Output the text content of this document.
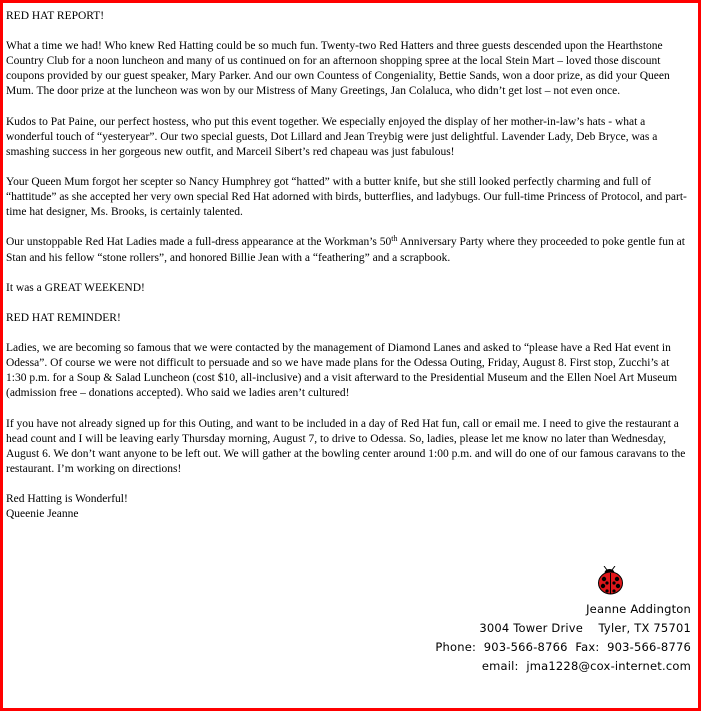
RED HAT REPORT!

What a time we had! Who knew Red Hatting could be so much fun. Twenty-two Red Hatters and three guests descended upon the Hearthstone Country Club for a noon luncheon and many of us continued on for an afternoon shopping spree at the local Stein Mart – loved those discount coupons provided by our guest speaker, Mary Parker. And our own Countess of Congeniality, Bettie Sands, won a door prize, as did your Queen Mum. The door prize at the luncheon was won by our Mistress of Many Greetings, Jan Colaluca, who didn’t get lost – not even once.

Kudos to Pat Paine, our perfect hostess, who put this event together. We especially enjoyed the display of her mother-in-law’s hats - what a wonderful touch of “yesteryear”. Our two special guests, Dot Lillard and Jean Treybig were just delightful. Lavender Lady, Deb Bryce, was a smashing success in her gorgeous new outfit, and Marceil Sibert’s red chapeau was just fabulous!

Your Queen Mum forgot her scepter so Nancy Humphrey got “hatted” with a butter knife, but she still looked perfectly charming and full of “hattitude” as she accepted her very own special Red Hat adorned with birds, butterflies, and ladybugs. Our full-time Princess of Protocol, and part-time hat designer, Ms. Brooks, is certainly talented.

Our unstoppable Red Hat Ladies made a full-dress appearance at the Workman’s 50th Anniversary Party where they proceeded to poke gentle fun at Stan and his fellow “stone rollers”, and honored Billie Jean with a “feathering” and a scrapbook.

It was a GREAT WEEKEND!

RED HAT REMINDER!

Ladies, we are becoming so famous that we were contacted by the management of Diamond Lanes and asked to “please have a Red Hat event in Odessa”. Of course we were not difficult to persuade and so we have made plans for the Odessa Outing, Friday, August 8. First stop, Zucchi’s at 1:30 p.m. for a Soup & Salad Luncheon (cost $10, all-inclusive) and a visit afterward to the Presidential Museum and the Ellen Noel Art Museum (admission free – donations accepted). Who said we ladies aren’t cultured!

If you have not already signed up for this Outing, and want to be included in a day of Red Hat fun, call or email me. I need to give the restaurant a head count and I will be leaving early Thursday morning, August 7, to drive to Odessa. So, ladies, please let me know no later than Wednesday, August 6. We don’t want anyone to be left out. We will gather at the bowling center around 1:00 p.m. and will do one of our famous caravans to the restaurant. I’m working on directions!

Red Hatting is Wonderful!

Queenie Jeanne

Jeanne Addington
3004 Tower Drive    Tyler, TX 75701
Phone:  903-566-8766  Fax:  903-566-8776
email:  jma1228@cox-internet.com
